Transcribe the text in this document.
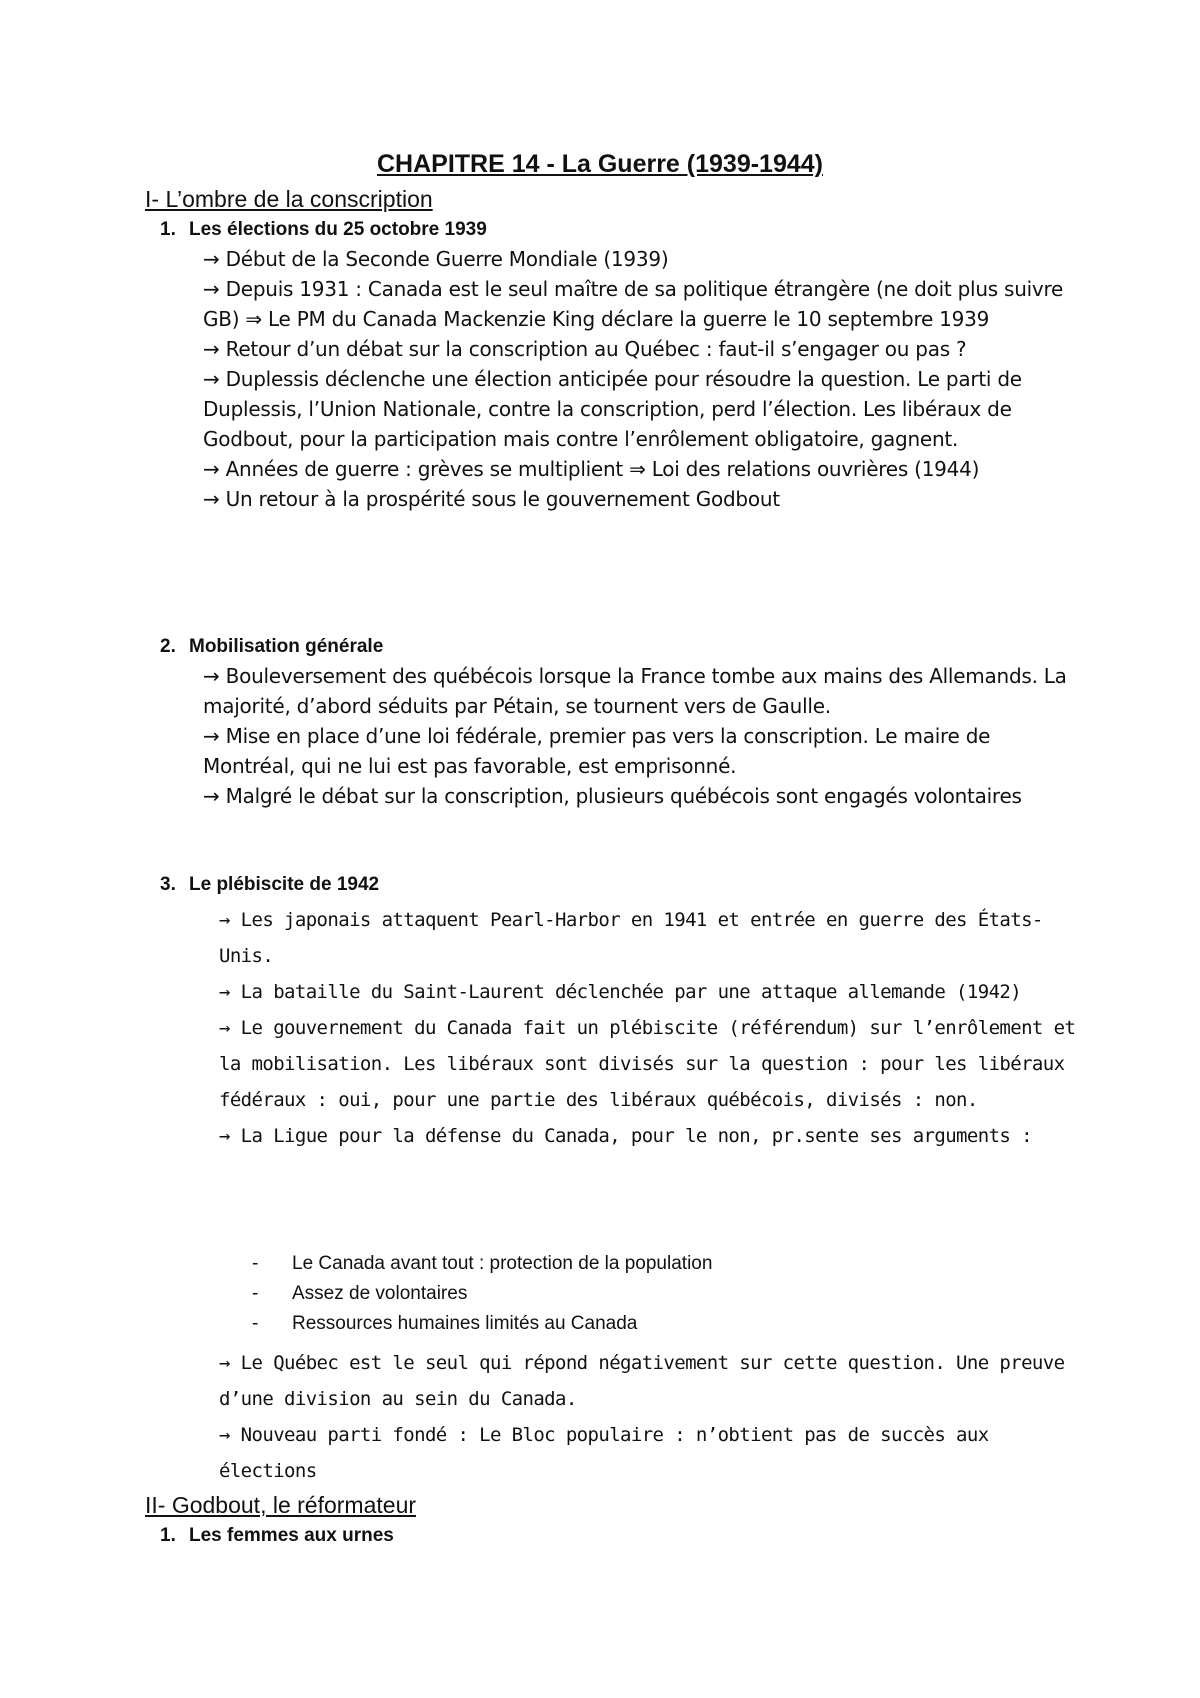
CHAPITRE 14 - La Guerre (1939-1944)
I- L’ombre de la conscription
1. Les élections du 25 octobre 1939

→ Début de la Seconde Guerre Mondiale (1939)

→ Depuis 1931 : Canada est le seul maître de sa politique étrangère (ne doit plus suivre GB) ⇒ Le PM du Canada Mackenzie King déclare la guerre le 10 septembre 1939

→ Retour d’un débat sur la conscription au Québec : faut-il s’engager ou pas ?

→ Duplessis déclenche une élection anticipée pour résoudre la question. Le parti de Duplessis, l’Union Nationale, contre la conscription, perd l’élection. Les libéraux de Godbout, pour la participation mais contre l’enrôlement obligatoire, gagnent.

→ Années de guerre : grèves se multiplient ⇒ Loi des relations ouvrières (1944)

→ Un retour à la prospérité sous le gouvernement Godbout

2. Mobilisation générale

→ Bouleversement des québécois lorsque la France tombe aux mains des Allemands. La majorité, d’abord séduits par Pétain, se tournent vers de Gaulle.

→ Mise en place d’une loi fédérale, premier pas vers la conscription. Le maire de Montréal, qui ne lui est pas favorable, est emprisonné.

→ Malgré le débat sur la conscription, plusieurs québécois sont engagés volontaires

3. Le plébiscite de 1942

→ Les japonais attaquent Pearl-Harbor en 1941 et entrée en guerre des États-Unis.

→ La bataille du Saint-Laurent déclenchée par une attaque allemande (1942)

→ Le gouvernement du Canada fait un plébiscite (référendum) sur l’enrôlement et la mobilisation. Les libéraux sont divisés sur la question : pour les libéraux fédéraux : oui, pour une partie des libéraux québécois, divisés : non.

→ La Ligue pour la défense du Canada, pour le non, pr.sente ses arguments :

- Le Canada avant tout : protection de la population
- Assez de volontaires
- Ressources humaines limités au Canada

→ Le Québec est le seul qui répond négativement sur cette question. Une preuve d’une division au sein du Canada.

→ Nouveau parti fondé : Le Bloc populaire : n’obtient pas de succès aux élections

II- Godbout, le réformateur
1. Les femmes aux urnes
